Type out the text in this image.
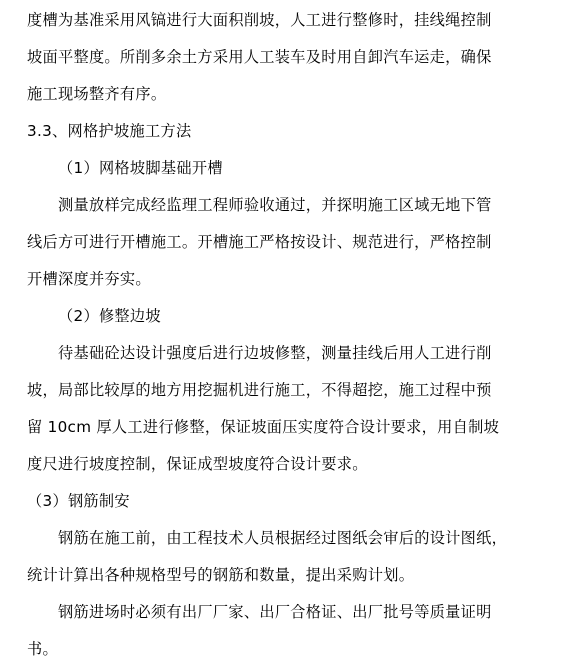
度槽为基准采用风镐进行大面积削坡，人工进行整修时，挂线绳控制
坡面平整度。所削多余土方采用人工装车及时用自卸汽车运走，确保
施工现场整齐有序。
3.3、网格护坡施工方法
（1）网格坡脚基础开槽
测量放样完成经监理工程师验收通过，并探明施工区域无地下管
线后方可进行开槽施工。开槽施工严格按设计、规范进行，严格控制
开槽深度并夯实。
（2）修整边坡
待基础砼达设计强度后进行边坡修整，测量挂线后用人工进行削
坡，局部比较厚的地方用挖掘机进行施工，不得超挖，施工过程中预
留 10cm 厚人工进行修整，保证坡面压实度符合设计要求，用自制坡
度尺进行坡度控制，保证成型坡度符合设计要求。
（3）钢筋制安
钢筋在施工前，由工程技术人员根据经过图纸会审后的设计图纸，
统计计算出各种规格型号的钢筋和数量，提出采购计划。
钢筋进场时必须有出厂厂家、出厂合格证、出厂批号等质量证明
书。
